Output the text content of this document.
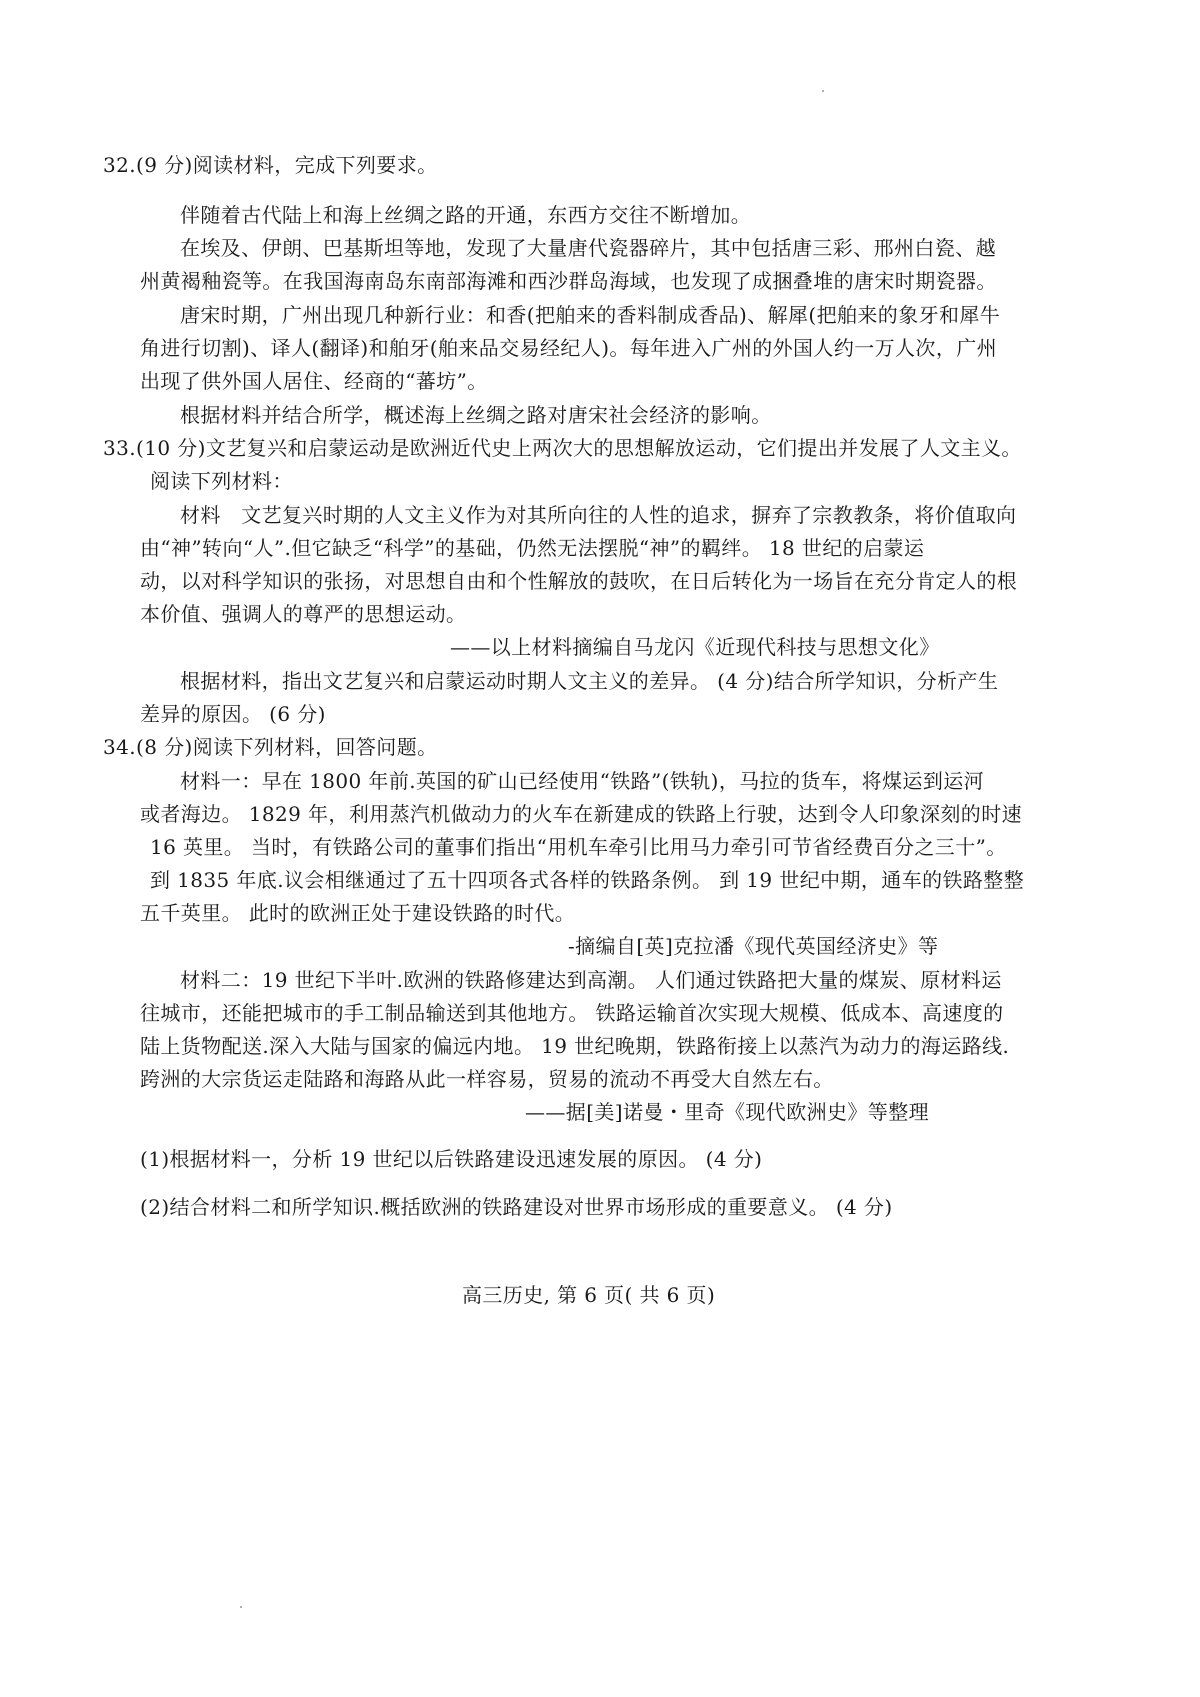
32.(9 分)阅读材料，完成下列要求。
伴随着古代陆上和海上丝绸之路的开通，东西方交往不断增加。
在埃及、伊朗、巴基斯坦等地，发现了大量唐代瓷器碎片，其中包括唐三彩、邢州白瓷、越
州黄褐釉瓷等。在我国海南岛东南部海滩和西沙群岛海域，也发现了成捆叠堆的唐宋时期瓷器。
唐宋时期，广州出现几种新行业：和香(把舶来的香料制成香品)、解犀(把舶来的象牙和犀牛
角进行切割)、译人(翻译)和舶牙(舶来品交易经纪人)。每年进入广州的外国人约一万人次，广州
出现了供外国人居住、经商的“蕃坊”。
根据材料并结合所学，概述海上丝绸之路对唐宋社会经济的影响。
33.(10 分)文艺复兴和启蒙运动是欧洲近代史上两次大的思想解放运动，它们提出并发展了人文主义。
阅读下列材料：
材料　文艺复兴时期的人文主义作为对其所向往的人性的追求，摒弃了宗教教条，将价值取向
由“神”转向“人”.但它缺乏“科学”的基础，仍然无法摆脱“神”的羁绊。 18 世纪的启蒙运
动，以对科学知识的张扬，对思想自由和个性解放的鼓吹，在日后转化为一场旨在充分肯定人的根
本价值、强调人的尊严的思想运动。
——以上材料摘编自马龙闪《近现代科技与思想文化》
根据材料，指出文艺复兴和启蒙运动时期人文主义的差异。 (4 分)结合所学知识，分析产生
差异的原因。 (6 分)
34.(8 分)阅读下列材料，回答问题。
材料一：早在 1800 年前.英国的矿山已经使用“铁路”(铁轨)，马拉的货车，将煤运到运河
或者海边。 1829 年，利用蒸汽机做动力的火车在新建成的铁路上行驶，达到令人印象深刻的时速
16 英里。 当时，有铁路公司的董事们指出“用机车牵引比用马力牵引可节省经费百分之三十”。
到 1835 年底.议会相继通过了五十四项各式各样的铁路条例。 到 19 世纪中期，通车的铁路整整
五千英里。 此时的欧洲正处于建设铁路的时代。
-摘编自[英]克拉潘《现代英国经济史》等
材料二：19 世纪下半叶.欧洲的铁路修建达到高潮。 人们通过铁路把大量的煤炭、原材料运
往城市，还能把城市的手工制品输送到其他地方。 铁路运输首次实现大规模、低成本、高速度的
陆上货物配送.深入大陆与国家的偏远内地。 19 世纪晚期，铁路衔接上以蒸汽为动力的海运路线.
跨洲的大宗货运走陆路和海路从此一样容易，贸易的流动不再受大自然左右。
——据[美]诺曼・里奇《现代欧洲史》等整理
(1)根据材料一，分析 19 世纪以后铁路建设迅速发展的原因。 (4 分)
(2)结合材料二和所学知识.概括欧洲的铁路建设对世界市场形成的重要意义。 (4 分)
高三历史, 第 6 页( 共 6 页)
